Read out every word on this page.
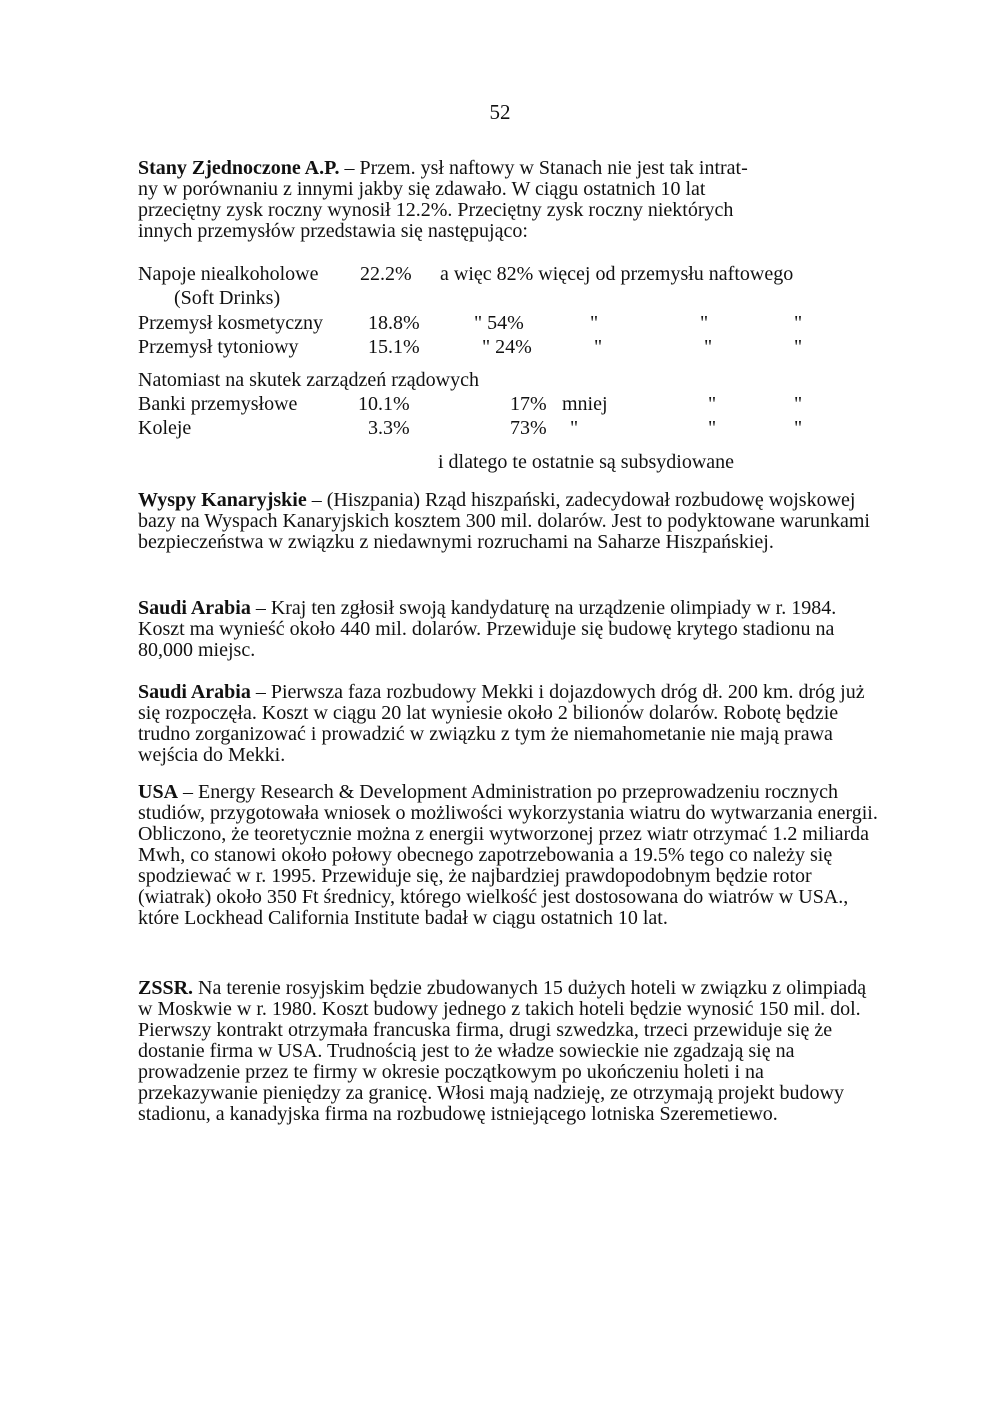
52
Stany Zjednoczone A.P. – Przem. ysł naftowy w Stanach nie jest tak intrat-
ny w porównaniu z innymi jakby się zdawało. W ciągu ostatnich 10 lat
przeciętny zysk roczny wynosił 12.2%. Przeciętny zysk roczny niektórych
innych przemysłów przedstawia się następująco:
Napoje niealkoholowe 22.2% a więc 82% więcej od przemysłu naftowego
(Soft Drinks)
Przemysł kosmetyczny 18.8%	" 54%	"	"	"
Przemysł tytoniowy	15.1%	" 24%	"	"	"
Natomiast na skutek zarządzeń rządowych
Banki przemysłowe	10.1%	17% mniej	"	"
Koleje	3.3%	73% "	"	"
i dlatego te ostatnie są subsydiowane

Wyspy Kanaryjskie – (Hiszpania) Rząd hiszpański, zadecydował rozbudowę wojskowej bazy na Wyspach Kanaryjskich kosztem 300 mil. dolarów. Jest to podyktowane warunkami bezpieczeństwa w związku z niedawnymi rozruchami na Saharze Hiszpańskiej.

Saudi Arabia – Kraj ten zgłosił swoją kandydaturę na urządzenie olimpiady w r. 1984. Koszt ma wynieść około 440 mil. dolarów. Przewiduje się budowę krytego stadionu na 80,000 miejsc.

Saudi Arabia – Pierwsza faza rozbudowy Mekki i dojazdowych dróg dł. 200 km. dróg już się rozpoczęła. Koszt w ciągu 20 lat wyniesie około 2 bilionów dolarów. Robotę będzie trudno zorganizować i prowadzić w związku z tym że niemahometanie nie mają prawa wejścia do Mekki.

USA – Energy Research & Development Administration po przeprowadzeniu rocznych studiów, przygotowała wniosek o możliwości wykorzystania wiatru do wytwarzania energii. Obliczono, że teoretycznie można z energii wytworzonej przez wiatr otrzymać 1.2 miliarda Mwh, co stanowi około połowy obecnego zapotrzebowania a 19.5% tego co należy się spodziewać w r. 1995. Przewiduje się, że najbardziej prawdopodobnym będzie rotor (wiatrak) około 350 Ft średnicy, którego wielkość jest dostosowana do wiatrów w USA., które Lockhead California Institute badał w ciągu ostatnich 10 lat.

ZSSR. Na terenie rosyjskim będzie zbudowanych 15 dużych hoteli w związku z olimpiadą w Moskwie w r. 1980. Koszt budowy jednego z takich hoteli będzie wynosić 150 mil. dol. Pierwszy kontrakt otrzymała francuska firma, drugi szwedzka, trzeci przewiduje się że dostanie firma w USA. Trudnością jest to że władze sowieckie nie zgadzają się na prowadzenie przez te firmy w okresie początkowym po ukończeniu holeti i na przekazywanie pieniędzy za granicę. Włosi mają nadzieję, ze otrzymają projekt budowy stadionu, a kanadyjska firma na rozbudowę istniejącego lotniska Szeremetiewo.
